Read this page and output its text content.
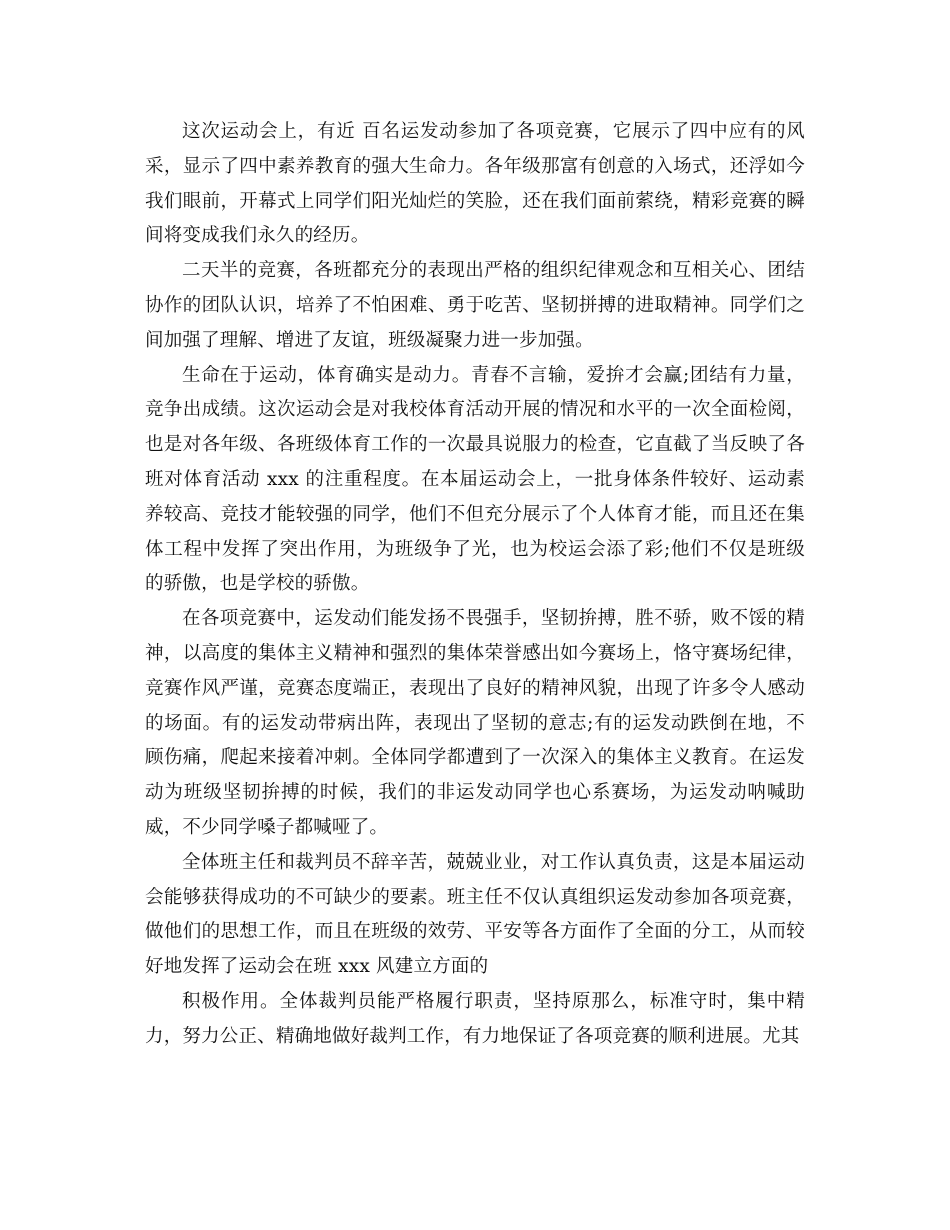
这次运动会上，有近 百名运发动参加了各项竞赛，它展示了四中应有的风采，显示了四中素养教育的强大生命力。各年级那富有创意的入场式，还浮如今我们眼前，开幕式上同学们阳光灿烂的笑脸，还在我们面前萦绕，精彩竞赛的瞬间将变成我们永久的经历。

二天半的竞赛，各班都充分的表现出严格的组织纪律观念和互相关心、团结协作的团队认识，培养了不怕困难、勇于吃苦、坚韧拼搏的进取精神。同学们之间加强了理解、增进了友谊，班级凝聚力进一步加强。

生命在于运动，体育确实是动力。青春不言输，爱拚才会赢;团结有力量，竞争出成绩。这次运动会是对我校体育活动开展的情况和水平的一次全面检阅，也是对各年级、各班级体育工作的一次最具说服力的检查，它直截了当反映了各班对体育活动 xxx 的注重程度。在本届运动会上，一批身体条件较好、运动素养较高、竞技才能较强的同学，他们不但充分展示了个人体育才能，而且还在集体工程中发挥了突出作用，为班级争了光，也为校运会添了彩;他们不仅是班级的骄傲，也是学校的骄傲。

在各项竞赛中，运发动们能发扬不畏强手，坚韧拚搏，胜不骄，败不馁的精神，以高度的集体主义精神和强烈的集体荣誉感出如今赛场上，恪守赛场纪律，竞赛作风严谨，竞赛态度端正，表现出了良好的精神风貌，出现了许多令人感动的场面。有的运发动带病出阵，表现出了坚韧的意志;有的运发动跌倒在地，不顾伤痛，爬起来接着冲刺。全体同学都遭到了一次深入的集体主义教育。在运发动为班级坚韧拚搏的时候，我们的非运发动同学也心系赛场，为运发动呐喊助威，不少同学嗓子都喊哑了。

全体班主任和裁判员不辞辛苦，兢兢业业，对工作认真负责，这是本届运动会能够获得成功的不可缺少的要素。班主任不仅认真组织运发动参加各项竞赛，做他们的思想工作，而且在班级的效劳、平安等各方面作了全面的分工，从而较好地发挥了运动会在班 xxx 风建立方面的

积极作用。全体裁判员能严格履行职责，坚持原那么，标准守时，集中精力，努力公正、精确地做好裁判工作，有力地保证了各项竞赛的顺利进展。尤其
